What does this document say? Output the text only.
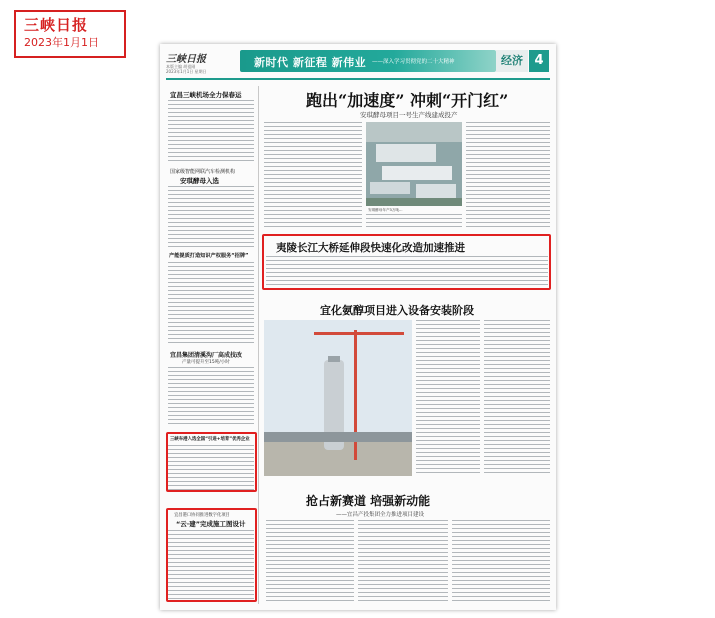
三峡日报
2023年1月1日
三峡日报
本版主编 胡祖刚
2023年1月1日 星期日
新时代 新征程 新伟业 ——深入学习贯彻党的二十大精神	经济 4
宜昌三峡机场全力保春运
国家级智能网联汽车检测机构
安琪酵母入选
产能提质打造知识产权服务“招牌”
宜昌集团清溪沟厂高成技改
产量可提升至15吨/小时
三峡车港入选全国“引进+培育”优秀企业
宜昌港口协同推进数字化项目
“云·建”完成施工图设计
跑出“加速度” 冲刺“开门红”
安琪酵母项目一号生产线建成投产
安琪酵母年产3万吨...
夷陵长江大桥延伸段快速化改造加速推进
宜化氨醇项目进入设备安装阶段
抢占新赛道 培强新动能
——宜昌产投集团全力推进项目建设
